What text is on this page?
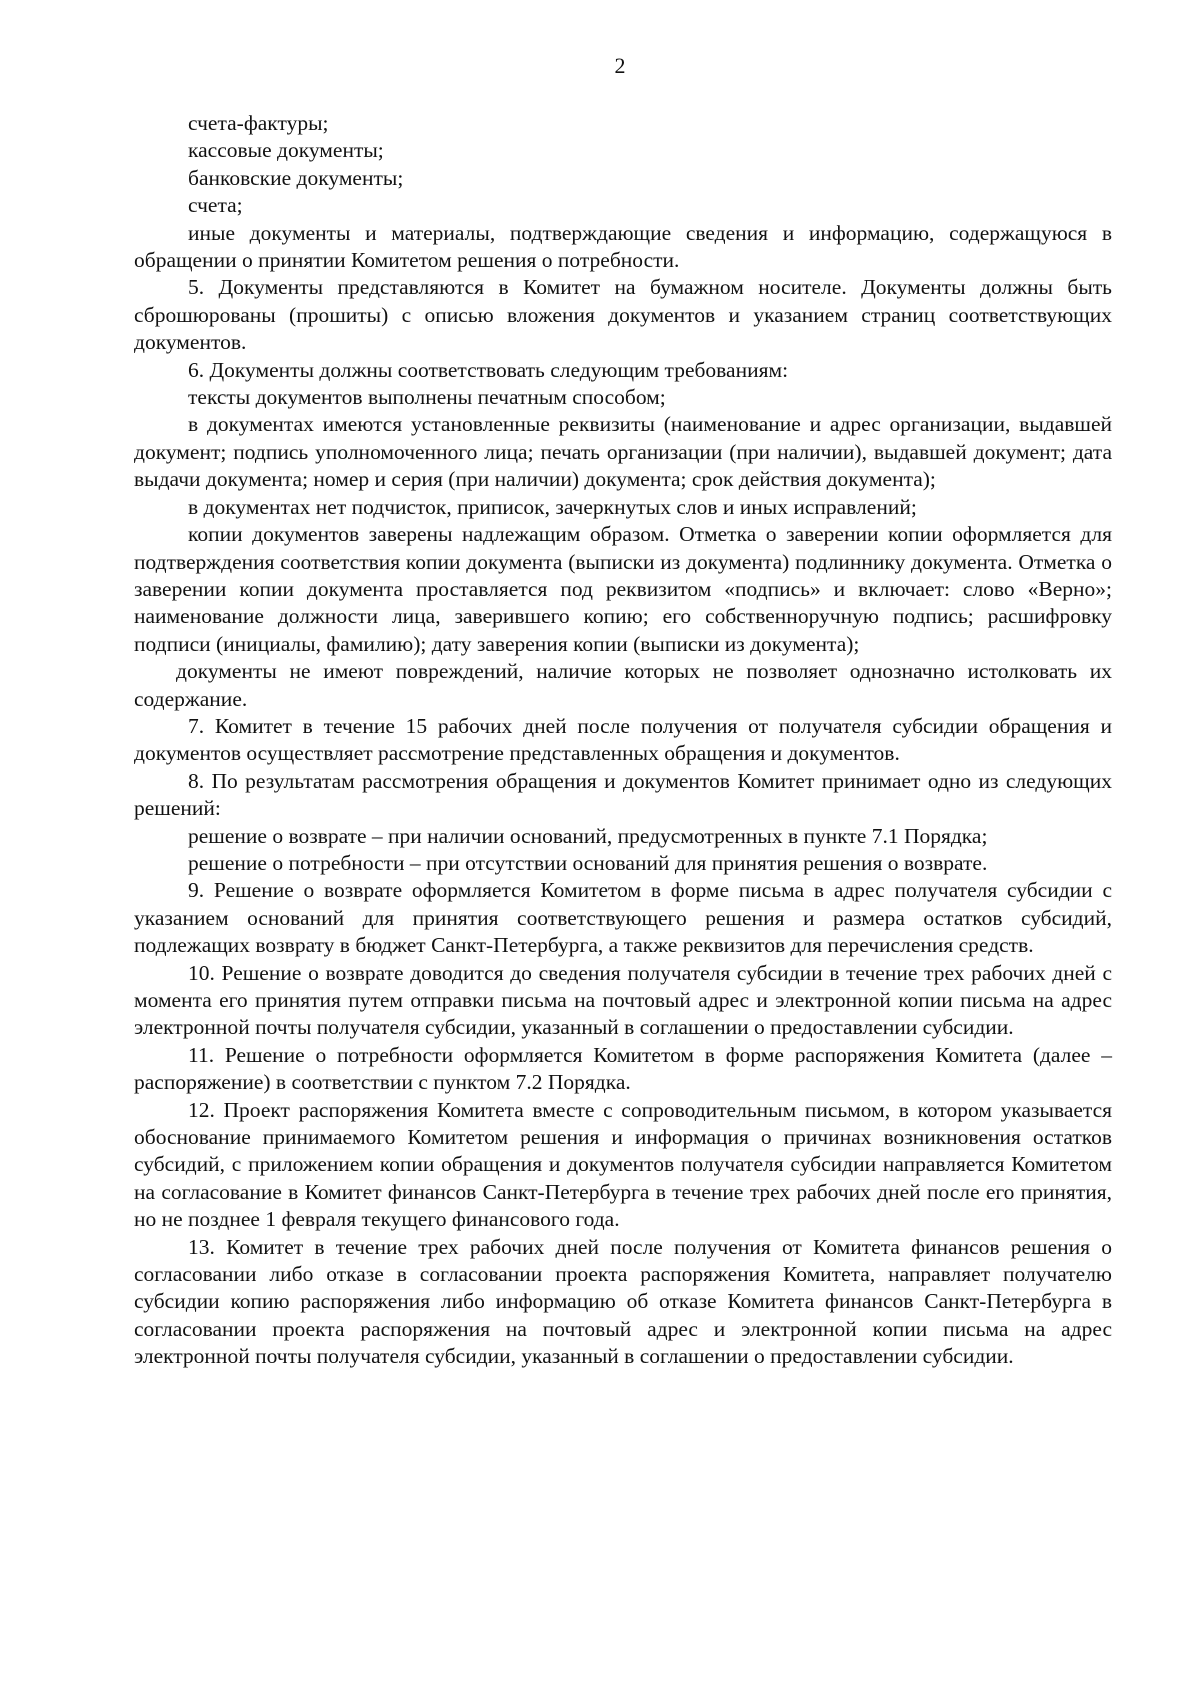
2

счета-фактуры;

кассовые документы;

банковские документы;

счета;

иные документы и материалы, подтверждающие сведения и информацию, содержащуюся в обращении о принятии Комитетом решения о потребности.

5. Документы представляются в Комитет на бумажном носителе. Документы должны быть сброшюрованы (прошиты) с описью вложения документов и указанием страниц соответствующих документов.

6. Документы должны соответствовать следующим требованиям:

тексты документов выполнены печатным способом;

в документах имеются установленные реквизиты (наименование и адрес организации, выдавшей документ; подпись уполномоченного лица; печать организации (при наличии), выдавшей документ; дата выдачи документа; номер и серия (при наличии) документа; срок действия документа);

в документах нет подчисток, приписок, зачеркнутых слов и иных исправлений;

копии документов заверены надлежащим образом. Отметка о заверении копии оформляется для подтверждения соответствия копии документа (выписки из документа) подлиннику документа. Отметка о заверении копии документа проставляется под реквизитом «подпись» и включает: слово «Верно»; наименование должности лица, заверившего копию; его собственноручную подпись; расшифровку подписи (инициалы, фамилию); дату заверения копии (выписки из документа);

документы не имеют повреждений, наличие которых не позволяет однозначно истолковать их содержание.

7. Комитет в течение 15 рабочих дней после получения от получателя субсидии обращения и документов осуществляет рассмотрение представленных обращения и документов.

8. По результатам рассмотрения обращения и документов Комитет принимает одно из следующих решений:

решение о возврате – при наличии оснований, предусмотренных в пункте 7.1 Порядка;

решение о потребности – при отсутствии оснований для принятия решения о возврате.

9. Решение о возврате оформляется Комитетом в форме письма в адрес получателя субсидии с указанием оснований для принятия соответствующего решения и размера остатков субсидий, подлежащих возврату в бюджет Санкт-Петербурга, а также реквизитов для перечисления средств.

10. Решение о возврате доводится до сведения получателя субсидии в течение трех рабочих дней с момента его принятия путем отправки письма на почтовый адрес и электронной копии письма на адрес электронной почты получателя субсидии, указанный в соглашении о предоставлении субсидии.

11. Решение о потребности оформляется Комитетом в форме распоряжения Комитета (далее – распоряжение) в соответствии с пунктом 7.2 Порядка.

12. Проект распоряжения Комитета вместе с сопроводительным письмом, в котором указывается обоснование принимаемого Комитетом решения и информация о причинах возникновения остатков субсидий, с приложением копии обращения и документов получателя субсидии направляется Комитетом на согласование в Комитет финансов Санкт-Петербурга в течение трех рабочих дней после его принятия, но не позднее 1 февраля текущего финансового года.

13. Комитет в течение трех рабочих дней после получения от Комитета финансов решения о согласовании либо отказе в согласовании проекта распоряжения Комитета, направляет получателю субсидии копию распоряжения либо информацию об отказе Комитета финансов Санкт-Петербурга в согласовании проекта распоряжения на почтовый адрес и электронной копии письма на адрес электронной почты получателя субсидии, указанный в соглашении о предоставлении субсидии.
